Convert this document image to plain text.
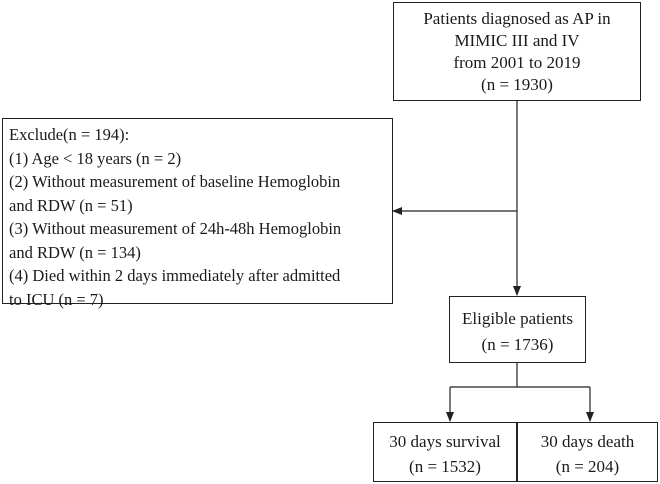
Patients diagnosed as AP in
MIMIC III and IV
from 2001 to 2019
(n = 1930)
Exclude(n = 194):
(1) Age < 18 years (n = 2)
(2) Without measurement of baseline Hemoglobin
and RDW (n = 51)
(3) Without measurement of 24h-48h Hemoglobin
and RDW (n = 134)
(4) Died within 2 days immediately after admitted
to ICU (n = 7)
Eligible patients
(n = 1736)
30 days survival
(n = 1532)
30 days death
(n = 204)
